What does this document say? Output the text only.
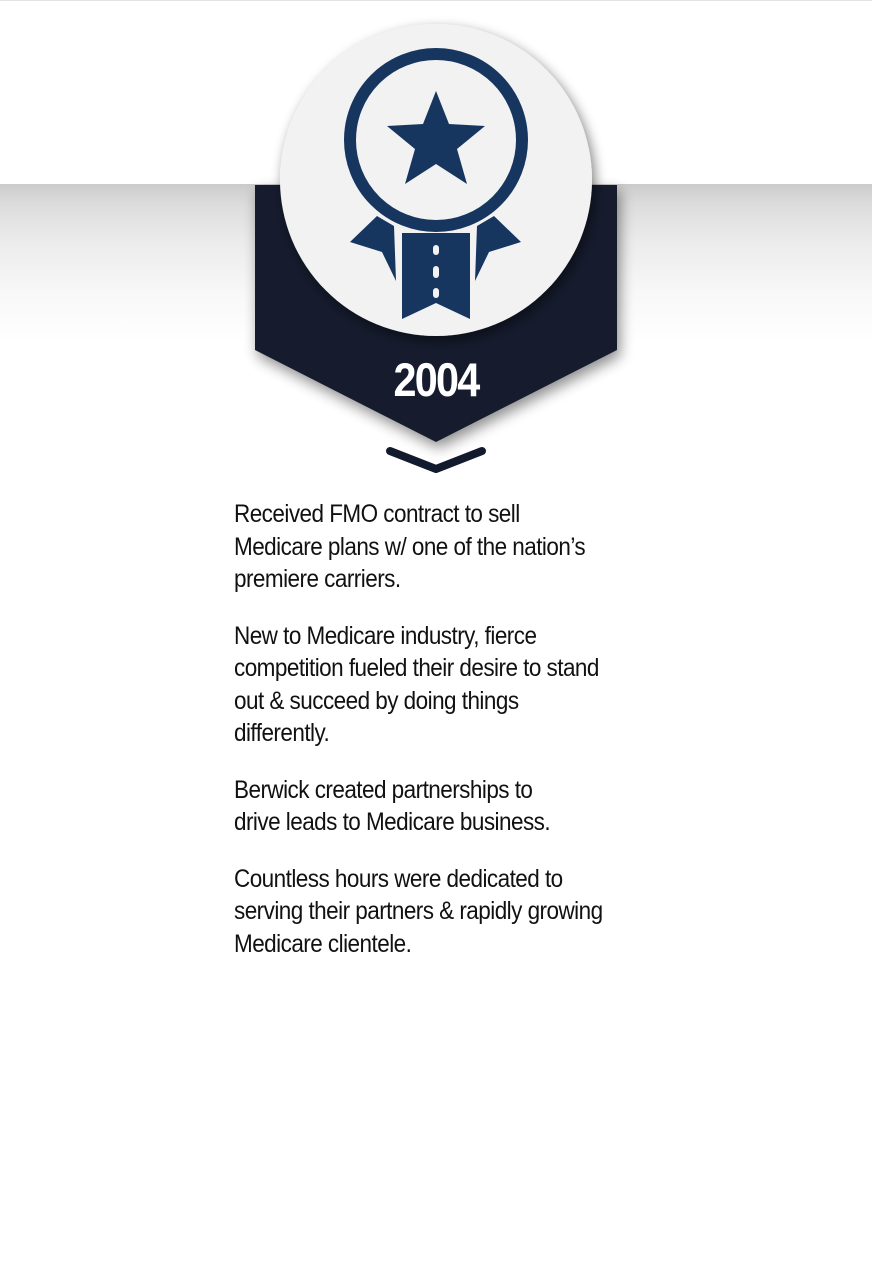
2004

Received FMO contract to sell
Medicare plans w/ one of the nation’s
premiere carriers.

New to Medicare industry, fierce
competition fueled their desire to stand
out & succeed by doing things
differently.

Berwick created partnerships to
drive leads to Medicare business.

Countless hours were dedicated to
serving their partners & rapidly growing
Medicare clientele.
